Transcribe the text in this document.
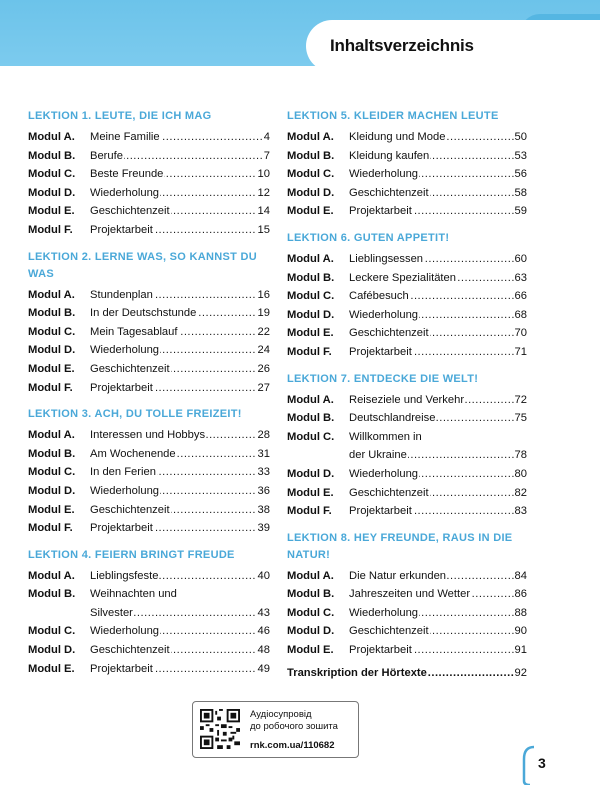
Inhaltsverzeichnis
LEKTION 1. LEUTE, DIE ICH MAG
Modul A.	Meine Familie .....	4
Modul B.	Berufe .....	7
Modul C.	Beste Freunde .....	10
Modul D.	Wiederholung .....	12
Modul E.	Geschichtenzeit .....	14
Modul F.	Projektarbeit .....	15
LEKTION 2. LERNE WAS, SO KANNST DU WAS
Modul A.	Stundenplan .....	16
Modul B.	In der Deutschstunde .....	19
Modul C.	Mein Tagesablauf .....	22
Modul D.	Wiederholung .....	24
Modul E.	Geschichtenzeit .....	26
Modul F.	Projektarbeit .....	27
LEKTION 3. ACH, DU TOLLE FREIZEIT!
Modul A.	Interessen und Hobbys .....	28
Modul B.	Am Wochenende .....	31
Modul C.	In den Ferien .....	33
Modul D.	Wiederholung .....	36
Modul E.	Geschichtenzeit .....	38
Modul F.	Projektarbeit .....	39
LEKTION 4. FEIERN BRINGT FREUDE
Modul A.	Lieblingsfeste .....	40
Modul B.	Weihnachten und
Silvester .....	43
Modul C.	Wiederholung .....	46
Modul D.	Geschichtenzeit .....	48
Modul E.	Projektarbeit .....	49
LEKTION 5. KLEIDER MACHEN LEUTE
Modul A.	Kleidung und Mode .....	50
Modul B.	Kleidung kaufen .....	53
Modul C.	Wiederholung .....	56
Modul D.	Geschichtenzeit .....	58
Modul E.	Projektarbeit .....	59
LEKTION 6. GUTEN APPETIT!
Modul A.	Lieblingsessen .....	60
Modul B.	Leckere Spezialitäten .....	63
Modul C.	Cafébesuch .....	66
Modul D.	Wiederholung .....	68
Modul E.	Geschichtenzeit .....	70
Modul F.	Projektarbeit .....	71
LEKTION 7. ENTDECKE DIE WELT!
Modul A.	Reiseziele und Verkehr .....	72
Modul B.	Deutschlandreise .....	75
Modul C.	Willkommen in
der Ukraine .....	78
Modul D.	Wiederholung .....	80
Modul E.	Geschichtenzeit .....	82
Modul F.	Projektarbeit .....	83
LEKTION 8. HEY FREUNDE, RAUS IN DIE NATUR!
Modul A.	Die Natur erkunden .....	84
Modul B.	Jahreszeiten und Wetter .....	86
Modul C.	Wiederholung .....	88
Modul D.	Geschichtenzeit .....	90
Modul E.	Projektarbeit .....	91
Transkription der Hörtexte .....	92
Аудіосупровід
до робочого зошита
rnk.com.ua/110682
3
